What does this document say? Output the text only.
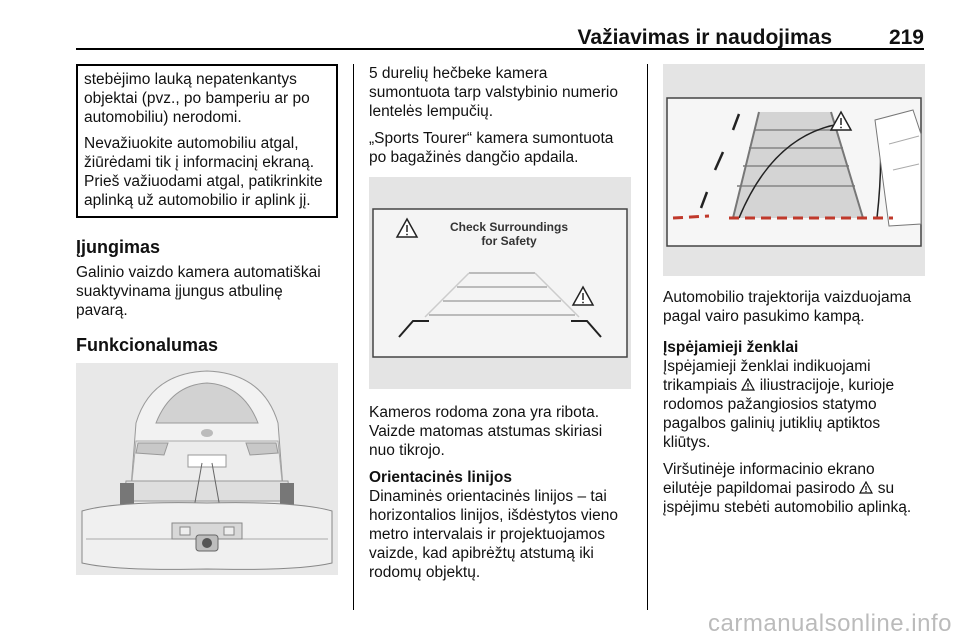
Važiavimas ir naudojimas	219

stebėjimo lauką nepatenkantys objektai (pvz., po bamperiu ar po automobiliu) nerodomi.

Nevažiuokite automobiliu atgal, žiūrėdami tik į informacinį ekraną. Prieš važiuodami atgal, patikrinkite aplinką už automobilio ir aplink jį.

Įjungimas

Galinio vaizdo kamera automatiškai suaktyvinama įjungus atbulinę pavarą.

Funkcionalumas

5 durelių hečbeke kamera sumontuota tarp valstybinio numerio lentelės lempučių.

„Sports Tourer“ kamera sumontuota po bagažinės dangčio apdaila.

Check Surroundings
for Safety

Kameros rodoma zona yra ribota. Vaizde matomas atstumas skiriasi nuo tikrojo.

Orientacinės linijos

Dinaminės orientacinės linijos – tai horizontalios linijos, išdėstytos vieno metro intervalais ir projektuojamos vaizde, kad apibrėžtų atstumą iki rodomų objektų.

Automobilio trajektorija vaizduojama pagal vairo pasukimo kampą.

Įspėjamieji ženklai

Įspėjamieji ženklai indikuojami trikampiais iliustracijoje, kurioje rodomos pažangiosios statymo pagalbos galinių jutiklių aptiktos kliūtys.

Viršutinėje informacinio ekrano eilutėje papildomai pasirodo su įspėjimu stebėti automobilio aplinką.

carmanualsonline.info
